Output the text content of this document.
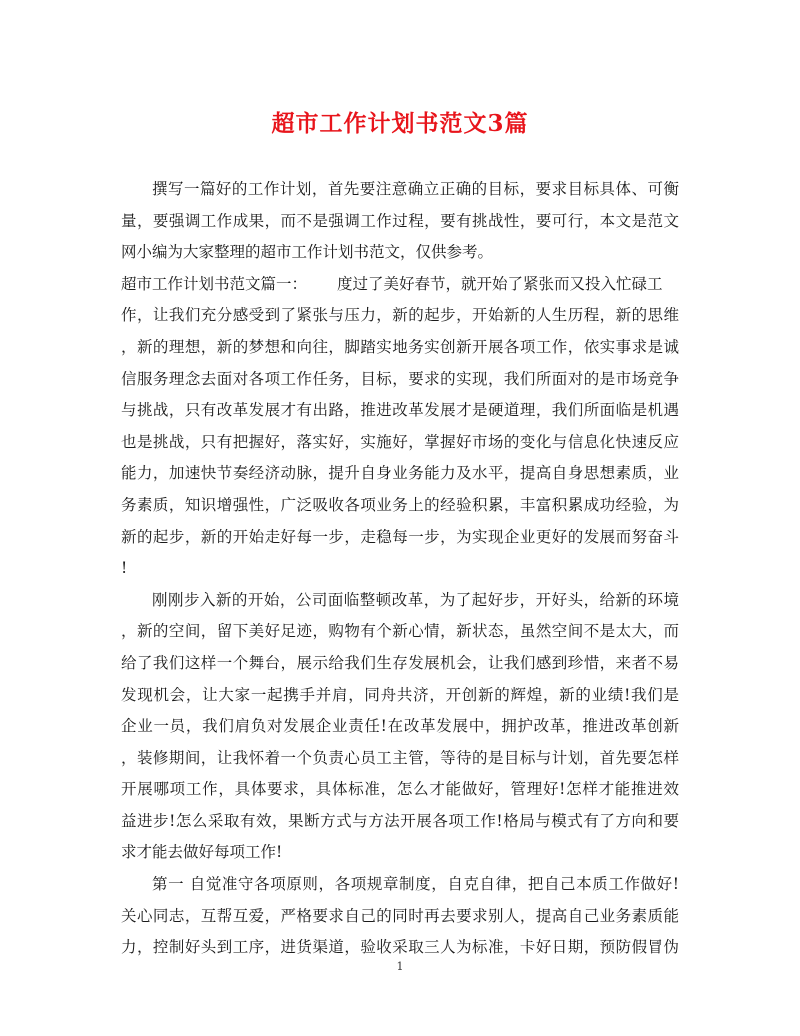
超市工作计划书范文3篇
撰写一篇好的工作计划，首先要注意确立正确的目标，要求目标具体、可衡
量，要强调工作成果，而不是强调工作过程，要有挑战性，要可行，本文是范文
网小编为大家整理的超市工作计划书范文，仅供参考。
超市工作计划书范文篇一： 度过了美好春节，就开始了紧张而又投入忙碌工
作，让我们充分感受到了紧张与压力，新的起步，开始新的人生历程，新的思维
，新的理想，新的梦想和向往，脚踏实地务实创新开展各项工作，依实事求是诚
信服务理念去面对各项工作任务，目标，要求的实现，我们所面对的是市场竞争
与挑战，只有改革发展才有出路，推进改革发展才是硬道理，我们所面临是机遇
也是挑战，只有把握好，落实好，实施好，掌握好市场的变化与信息化快速反应
能力，加速快节奏经济动脉，提升自身业务能力及水平，提高自身思想素质，业
务素质，知识增强性，广泛吸收各项业务上的经验积累，丰富积累成功经验，为
新的起步，新的开始走好每一步，走稳每一步，为实现企业更好的发展而努奋斗
!
刚刚步入新的开始，公司面临整顿改革，为了起好步，开好头，给新的环境
，新的空间，留下美好足迹，购物有个新心情，新状态，虽然空间不是太大，而
给了我们这样一个舞台，展示给我们生存发展机会，让我们感到珍惜，来者不易
发现机会，让大家一起携手并肩，同舟共济，开创新的辉煌，新的业绩!我们是
企业一员，我们肩负对发展企业责任!在改革发展中，拥护改革，推进改革创新
，装修期间，让我怀着一个负责心员工主管，等待的是目标与计划，首先要怎样
开展哪项工作，具体要求，具体标准，怎么才能做好，管理好!怎样才能推进效
益进步!怎么采取有效，果断方式与方法开展各项工作!格局与模式有了方向和要
求才能去做好每项工作!
第一 自觉准守各项原则，各项规章制度，自克自律，把自己本质工作做好!
关心同志，互帮互爱，严格要求自己的同时再去要求别人，提高自己业务素质能
力，控制好头到工序，进货渠道，验收采取三人为标准，卡好日期，预防假冒伪
1
